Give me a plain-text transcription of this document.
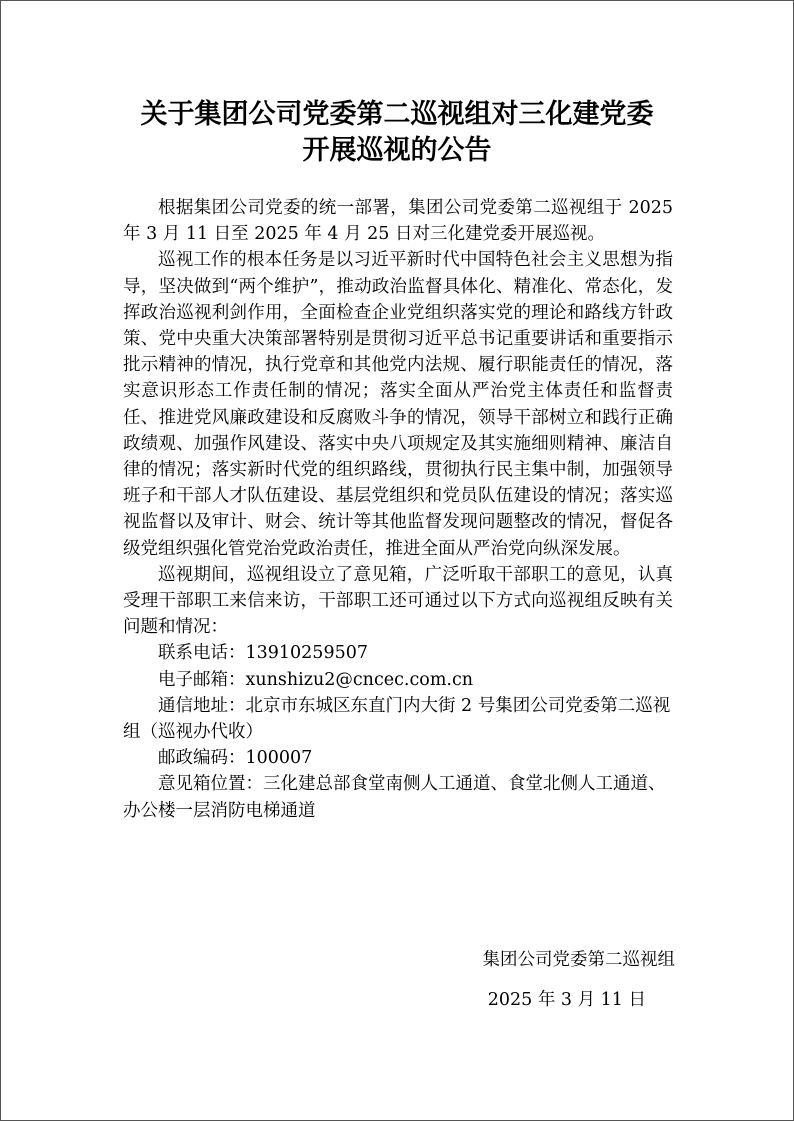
关于集团公司党委第二巡视组对三化建党委
开展巡视的公告

根据集团公司党委的统一部署，集团公司党委第二巡视组于 2025 年 3 月 11 日至 2025 年 4 月 25 日对三化建党委开展巡视。

巡视工作的根本任务是以习近平新时代中国特色社会主义思想为指导，坚决做到“两个维护”，推动政治监督具体化、精准化、常态化，发挥政治巡视利剑作用，全面检查企业党组织落实党的理论和路线方针政策、党中央重大决策部署特别是贯彻习近平总书记重要讲话和重要指示批示精神的情况，执行党章和其他党内法规、履行职能责任的情况，落实意识形态工作责任制的情况；落实全面从严治党主体责任和监督责任、推进党风廉政建设和反腐败斗争的情况，领导干部树立和践行正确政绩观、加强作风建设、落实中央八项规定及其实施细则精神、廉洁自律的情况；落实新时代党的组织路线，贯彻执行民主集中制，加强领导班子和干部人才队伍建设、基层党组织和党员队伍建设的情况；落实巡视监督以及审计、财会、统计等其他监督发现问题整改的情况，督促各级党组织强化管党治党政治责任，推进全面从严治党向纵深发展。

巡视期间，巡视组设立了意见箱，广泛听取干部职工的意见，认真受理干部职工来信来访，干部职工还可通过以下方式向巡视组反映有关问题和情况：

联系电话：13910259507

电子邮箱：xunshizu2@cncec.com.cn

通信地址：北京市东城区东直门内大街 2 号集团公司党委第二巡视组（巡视办代收）

邮政编码：100007

意见箱位置：三化建总部食堂南侧人工通道、食堂北侧人工通道、办公楼一层消防电梯通道

集团公司党委第二巡视组
2025 年 3 月 11 日
